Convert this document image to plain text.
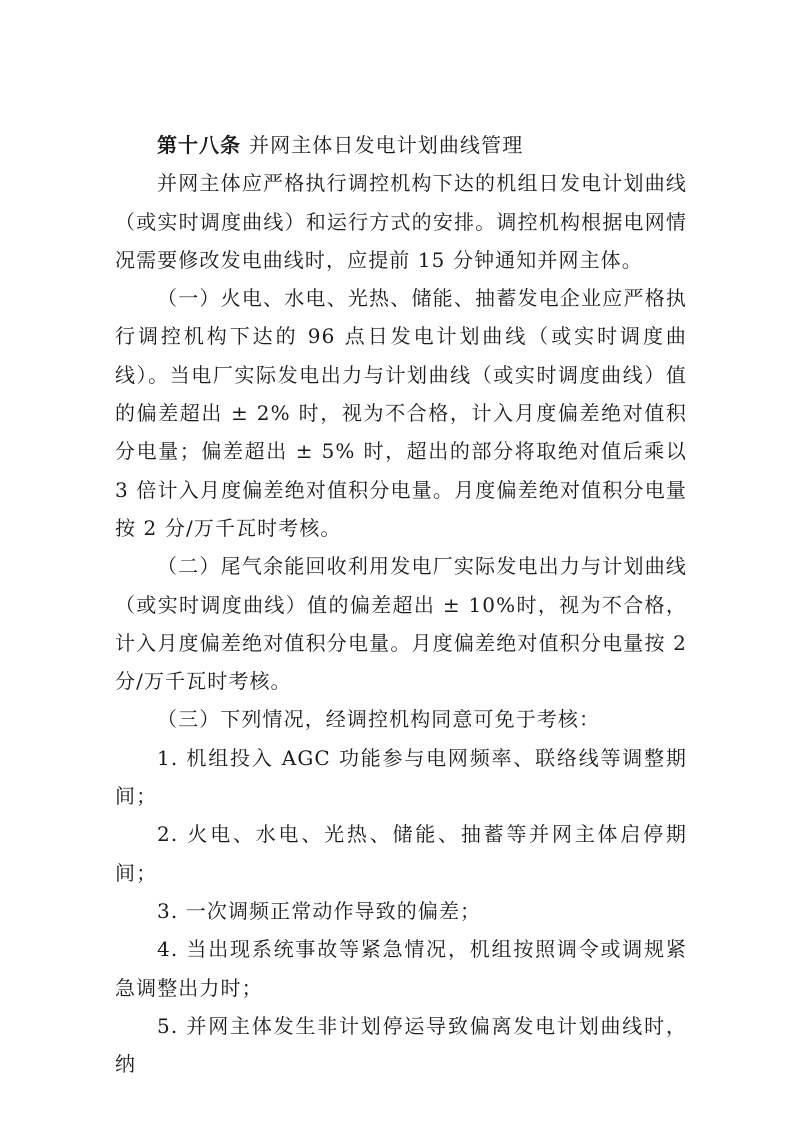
第十八条 并网主体日发电计划曲线管理

并网主体应严格执行调控机构下达的机组日发电计划曲线（或实时调度曲线）和运行方式的安排。调控机构根据电网情况需要修改发电曲线时，应提前 15 分钟通知并网主体。

（一）火电、水电、光热、储能、抽蓄发电企业应严格执行调控机构下达的 96 点日发电计划曲线（或实时调度曲线）。当电厂实际发电出力与计划曲线（或实时调度曲线）值的偏差超出 ± 2% 时，视为不合格，计入月度偏差绝对值积分电量；偏差超出 ± 5% 时，超出的部分将取绝对值后乘以 3 倍计入月度偏差绝对值积分电量。月度偏差绝对值积分电量按 2 分/万千瓦时考核。

（二）尾气余能回收利用发电厂实际发电出力与计划曲线（或实时调度曲线）值的偏差超出 ± 10%时，视为不合格，计入月度偏差绝对值积分电量。月度偏差绝对值积分电量按 2 分/万千瓦时考核。

（三）下列情况，经调控机构同意可免于考核：

1. 机组投入 AGC 功能参与电网频率、联络线等调整期间；

2. 火电、水电、光热、储能、抽蓄等并网主体启停期间；

3. 一次调频正常动作导致的偏差；

4. 当出现系统事故等紧急情况，机组按照调令或调规紧急调整出力时；

5. 并网主体发生非计划停运导致偏离发电计划曲线时，纳
